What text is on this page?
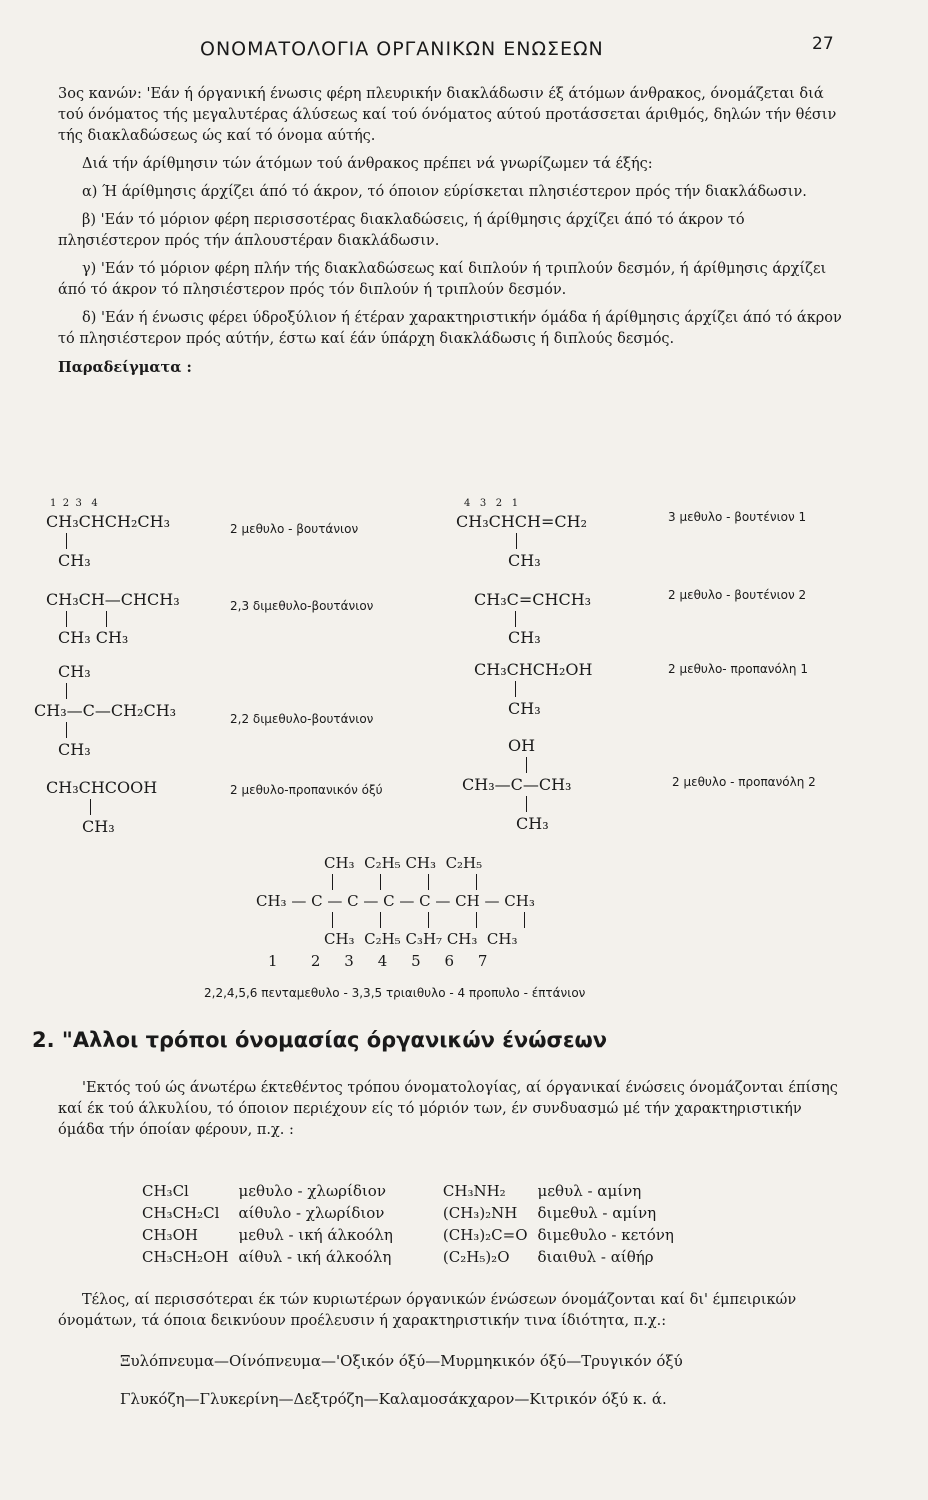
ΟΝΟΜΑΤΟΛΟΓΙΑ ΟΡΓΑΝΙΚΩΝ ΕΝΩΣΕΩΝ	27

3ος κανών: 'Εάν ή όργανική ένωσις φέρη πλευρικήν διακλάδωσιν έξ άτόμων άνθρακος, όνομάζεται διά τού όνόματος τής μεγαλυτέρας άλύσεως καί τού όνόματος αύτού προτάσσεται άριθμός, δηλών τήν θέσιν τής διακλαδώσεως ώς καί τό όνομα αύτής.

Διά τήν άρίθμησιν τών άτόμων τού άνθρακος πρέπει νά γνωρίζωμεν τά έξής:

α) Ή άρίθμησις άρχίζει άπό τό άκρον, τό όποιον εύρίσκεται πλησιέστερον πρός τήν διακλάδωσιν.

β) 'Εάν τό μόριον φέρη περισσοτέρας διακλαδώσεις, ή άρίθμησις άρχίζει άπό τό άκρον τό πλησιέστερον πρός τήν άπλουστέραν διακλάδωσιν.

γ) 'Εάν τό μόριον φέρη πλήν τής διακλαδώσεως καί διπλούν ή τριπλούν δεσμόν, ή άρίθμησις άρχίζει άπό τό άκρον τό πλησιέστερον πρός τόν διπλούν ή τριπλούν δεσμόν.

δ) 'Εάν ή ένωσις φέρει ύδροξύλιον ή έτέραν χαρακτηριστικήν όμάδα ή άρίθμησις άρχίζει άπό τό άκρον τό πλησιέστερον πρός αύτήν, έστω καί έάν ύπάρχη διακλάδωσις ή διπλούς δεσμός.

Παραδείγματα :

1  2  3   4
CH₃CHCH₂CH₃
CH₃
2 μεθυλο - βουτάνιον
CH₃CH—CHCH₃
CH₃ CH₃
2,3 διμεθυλο-βουτάνιον
CH₃
CH₃—C—CH₂CH₃
CH₃
2,2 διμεθυλο-βουτάνιον
CH₃CHCOOH
CH₃
2 μεθυλο-προπανικόν όξύ
4   3   2   1
CH₃CHCH=CH₂
CH₃
3 μεθυλο - βουτένιον 1
CH₃C=CHCH₃
CH₃
2 μεθυλο - βουτένιον 2
CH₃CHCH₂OH
CH₃
2 μεθυλο- προπανόλη 1
OH
CH₃—C—CH₃
CH₃
2 μεθυλο - προπανόλη 2
CH₃  C₂H₅ CH₃  C₂H₅
CH₃ — C — C — C — C — CH — CH₃
CH₃  C₂H₅ C₃H₇ CH₃  CH₃
1       2     3     4     5     6     7
2,2,4,5,6 πενταμεθυλο - 3,3,5 τριαιθυλο - 4 προπυλο - έπτάνιον
2. "Αλλοι τρόποι όνομασίας όργανικών ένώσεων

'Εκτός τού ώς άνωτέρω έκτεθέντος τρόπου όνοματολογίας, αί όργανικαί ένώσεις όνομάζονται έπίσης καί έκ τού άλκυλίου, τό όποιον περιέχουν είς τό μόριόν των, έν συνδυασμώ μέ τήν χαρακτηριστικήν όμάδα τήν όποίαν φέρουν, π.χ. :

CH₃Cl	μεθυλο - χλωρίδιον	CH₃NH₂	μεθυλ - αμίνη
CH₃CH₂Cl	αίθυλο - χλωρίδιον	(CH₃)₂NH	διμεθυλ - αμίνη
CH₃OH	μεθυλ - ική άλκοόλη	(CH₃)₂C=O	διμεθυλο - κετόνη
CH₃CH₂OH	αίθυλ - ική άλκοόλη	(C₂H₅)₂O	διαιθυλ - αίθήρ

Τέλος, αί περισσότεραι έκ τών κυριωτέρων όργανικών ένώσεων όνομάζονται καί δι' έμπειρικών όνομάτων, τά όποια δεικνύουν προέλευσιν ή χαρακτηριστικήν τινα ίδιότητα, π.χ.:

Ξυλόπνευμα—Οίνόπνευμα—'Οξικόν όξύ—Μυρμηκικόν όξύ—Τρυγικόν όξύ
Γλυκόζη—Γλυκερίνη—Δεξτρόζη—Καλαμοσάκχαρον—Κιτρικόν όξύ κ. ά.
